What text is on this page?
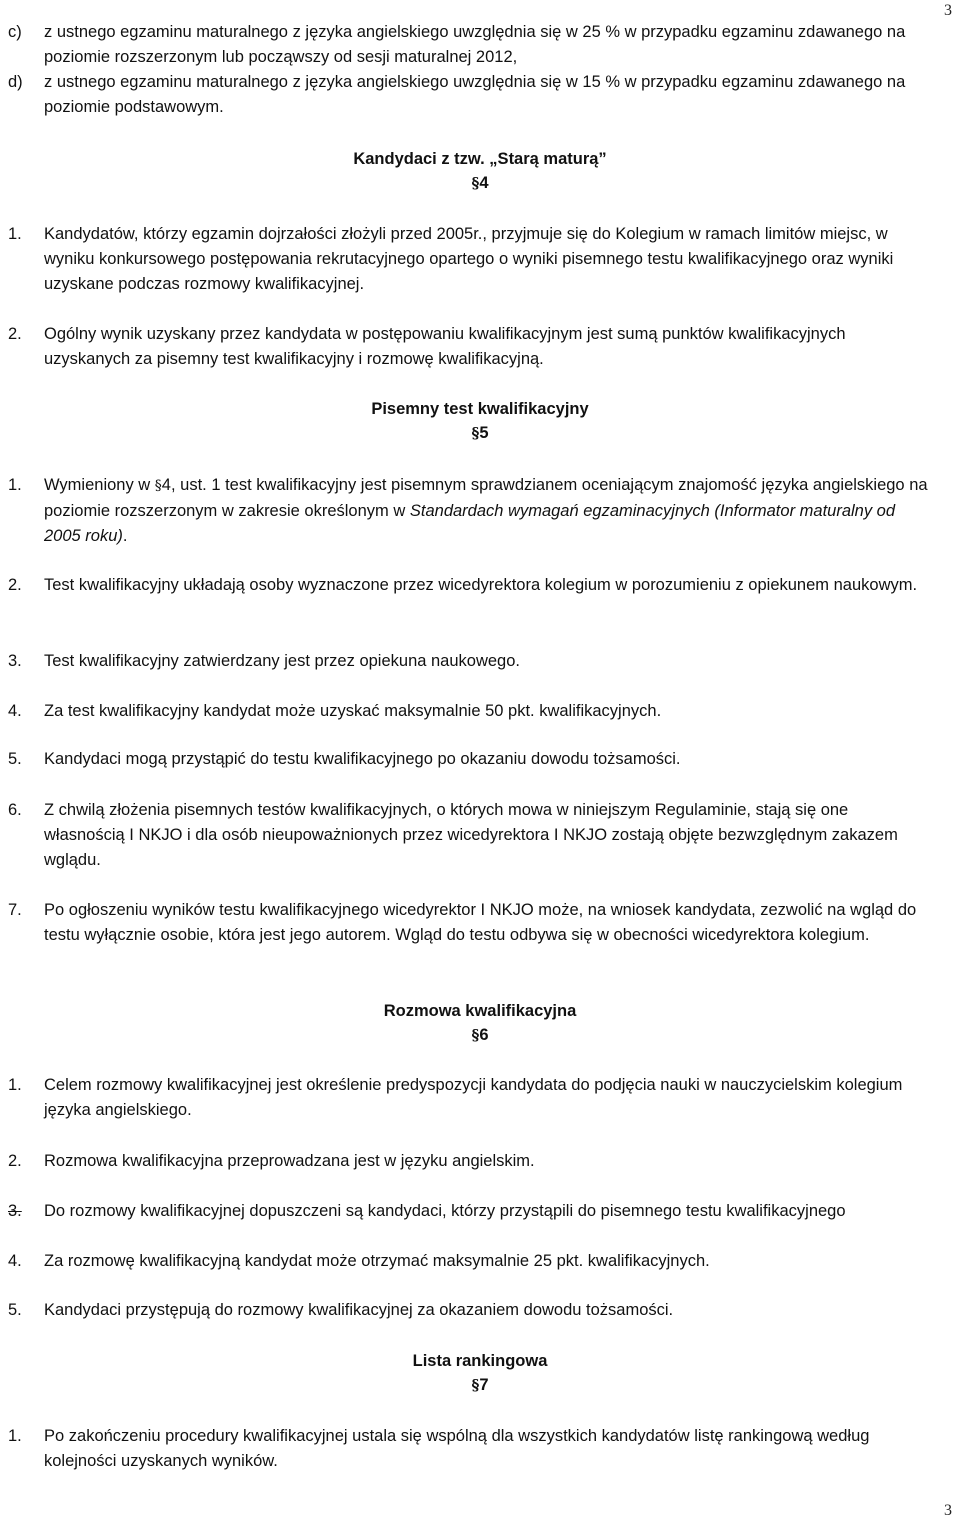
3
c) z ustnego egzaminu maturalnego z języka angielskiego uwzględnia się w 25 % w przypadku egzaminu zdawanego na poziomie rozszerzonym lub począwszy od sesji maturalnej 2012,
d) z ustnego egzaminu maturalnego z języka angielskiego uwzględnia się w 15 % w przypadku egzaminu zdawanego na poziomie podstawowym.
Kandydaci z tzw. „Starą maturą”
§4
1. Kandydatów, którzy egzamin dojrzałości złożyli przed 2005r., przyjmuje się do Kolegium w ramach limitów miejsc, w wyniku konkursowego postępowania rekrutacyjnego opartego o wyniki pisemnego testu kwalifikacyjnego oraz wyniki uzyskane podczas rozmowy kwalifikacyjnej.
2. Ogólny wynik uzyskany przez kandydata w postępowaniu kwalifikacyjnym jest sumą punktów kwalifikacyjnych uzyskanych za pisemny test kwalifikacyjny i rozmowę kwalifikacyjną.
Pisemny test kwalifikacyjny
§5
1. Wymieniony w §4, ust. 1 test kwalifikacyjny jest pisemnym sprawdzianem oceniającym znajomość języka angielskiego na poziomie rozszerzonym w zakresie określonym w Standardach wymagań egzaminacyjnych (Informator maturalny od 2005 roku).
2. Test kwalifikacyjny układają osoby wyznaczone przez wicedyrektora kolegium w porozumieniu z opiekunem naukowym.
3. Test kwalifikacyjny zatwierdzany jest przez opiekuna naukowego.
4. Za test kwalifikacyjny kandydat może uzyskać maksymalnie 50 pkt. kwalifikacyjnych.
5. Kandydaci mogą przystąpić do testu kwalifikacyjnego po okazaniu dowodu tożsamości.
6. Z chwilą złożenia pisemnych testów kwalifikacyjnych, o których mowa w niniejszym Regulaminie, stają się one własnością I NKJO i dla osób nieupoważnionych przez wicedyrektora I NKJO zostają objęte bezwzględnym zakazem wglądu.
7. Po ogłoszeniu wyników testu kwalifikacyjnego wicedyrektor I NKJO może, na wniosek kandydata, zezwolić na wgląd do testu wyłącznie osobie, która jest jego autorem. Wgląd do testu odbywa się w obecności wicedyrektora kolegium.
Rozmowa kwalifikacyjna
§6
1. Celem rozmowy kwalifikacyjnej jest określenie predyspozycji kandydata do podjęcia nauki w nauczycielskim kolegium języka angielskiego.
2. Rozmowa kwalifikacyjna przeprowadzana jest w języku angielskim.
3. Do rozmowy kwalifikacyjnej dopuszczeni są kandydaci, którzy przystąpili do pisemnego testu kwalifikacyjnego
4. Za rozmowę kwalifikacyjną kandydat może otrzymać maksymalnie 25 pkt. kwalifikacyjnych.
5. Kandydaci przystępują do rozmowy kwalifikacyjnej za okazaniem dowodu tożsamości.
Lista rankingowa
§7
1. Po zakończeniu procedury kwalifikacyjnej ustala się wspólną dla wszystkich kandydatów listę rankingową według kolejności uzyskanych wyników.
3
